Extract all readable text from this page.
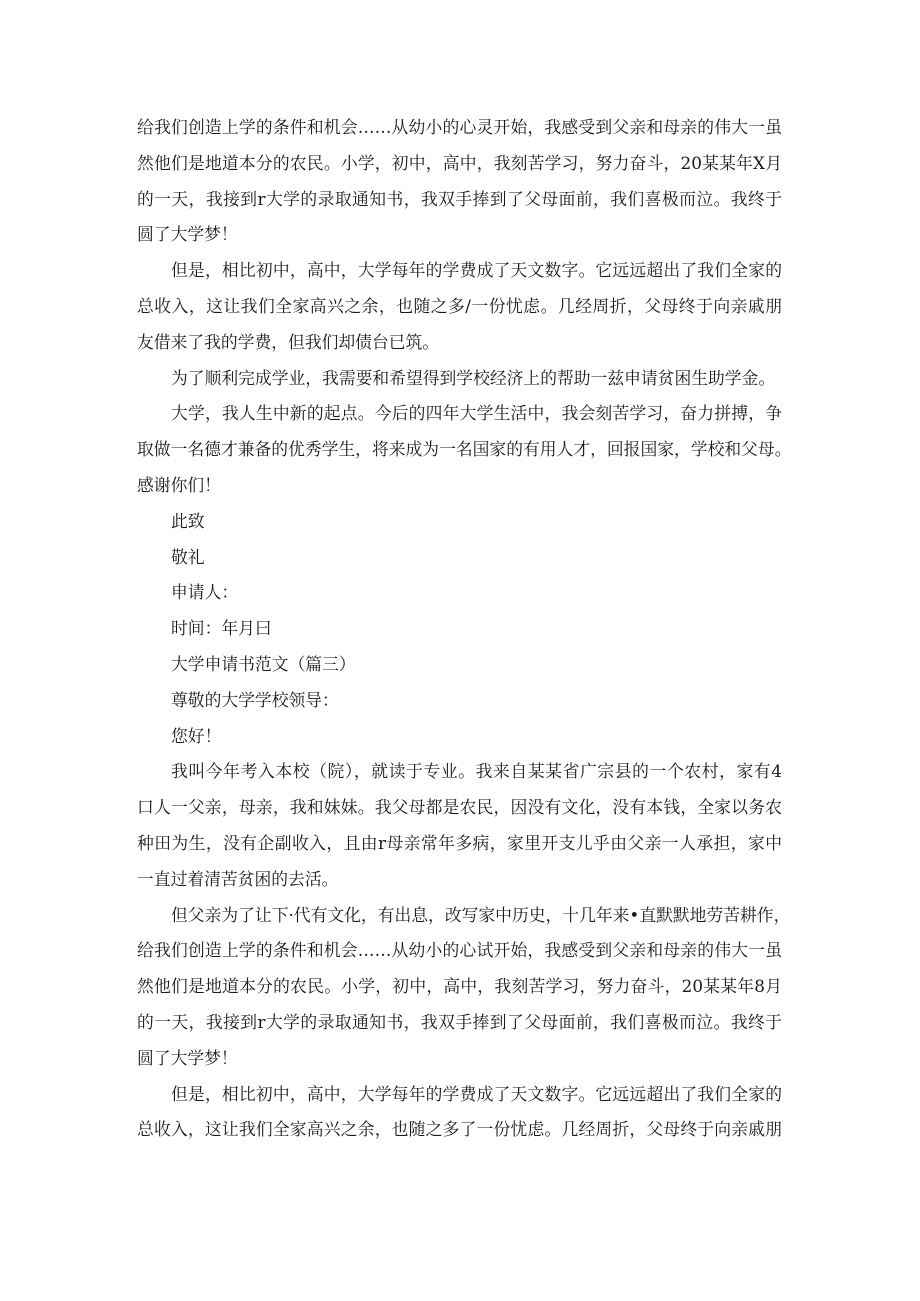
给我们创造上学的条件和机会……从幼小的心灵开始，我感受到父亲和母亲的伟大一虽
然他们是地道本分的农民。小学，初中，高中，我刻苦学习，努力奋斗，20某某年X月
的一天，我接到r大学的录取通知书，我双手捧到了父母面前，我们喜极而泣。我终于
圆了大学梦！
但是，相比初中，高中，大学每年的学费成了天文数字。它远远超出了我们全家的
总收入，这让我们全家高兴之余，也随之多/一份忧虑。几经周折，父母终于向亲戚朋
友借来了我的学费，但我们却债台已筑。
为了顺利完成学业，我需要和希望得到学校经济上的帮助一兹申请贫困生助学金。
大学，我人生中新的起点。今后的四年大学生活中，我会刻苦学习，奋力拼搏，争
取做一名德才兼备的优秀学生，将来成为一名国家的有用人才，回报国家，学校和父母。
感谢你们！
此致
敬礼
申请人：
时间：年月曰
大学申请书范文（篇三）
尊敬的大学学校领导：
您好！
我叫今年考入本校（院），就读于专业。我来自某某省广宗县的一个农村，家有4
口人一父亲，母亲，我和妹妹。我父母都是农民，因没有文化，没有本钱，全家以务农
种田为生，没有企副收入，且由r母亲常年多病，家里开支儿乎由父亲一人承担，家中
一直过着清苦贫困的去活。
但父亲为了让下·代有文化，有出息，改写家中历史，十几年来•直默默地劳苦耕作，
给我们创造上学的条件和机会……从幼小的心试开始，我感受到父亲和母亲的伟大一虽
然他们是地道本分的农民。小学，初中，高中，我刻苦学习，努力奋斗，20某某年8月
的一天，我接到r大学的录取通知书，我双手捧到了父母面前，我们喜极而泣。我终于
圆了大学梦！
但是，相比初中，高中，大学每年的学费成了天文数字。它远远超出了我们全家的
总收入，这让我们全家高兴之余，也随之多了一份忧虑。几经周折，父母终于向亲戚朋
